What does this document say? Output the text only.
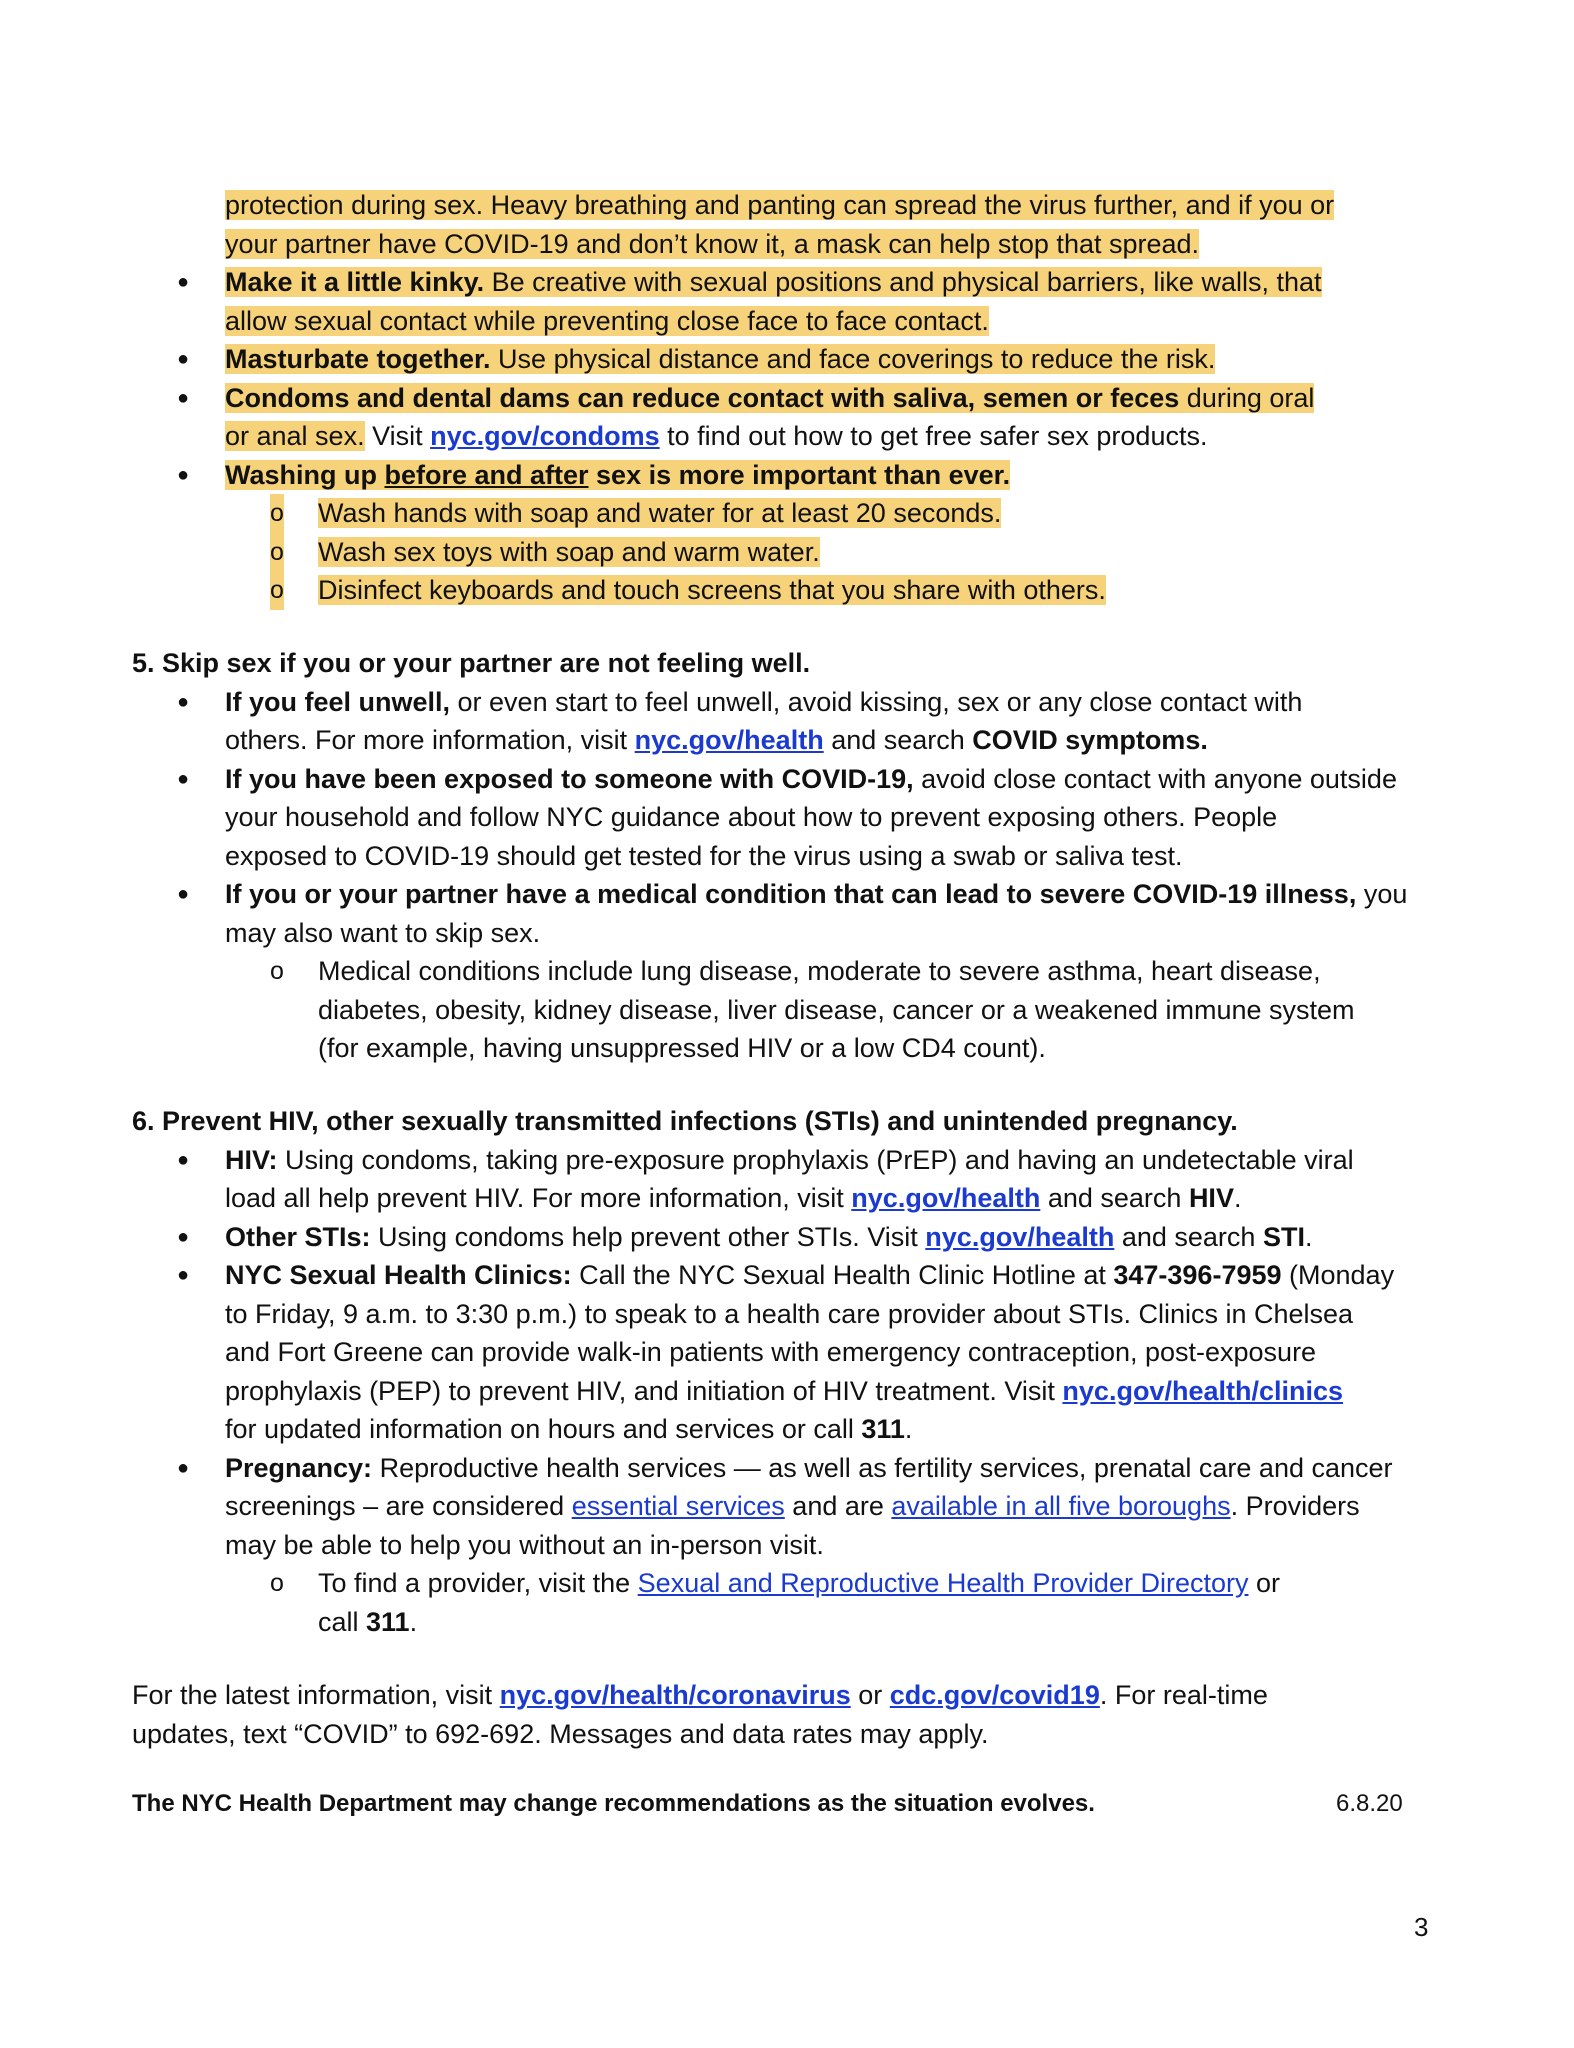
protection during sex. Heavy breathing and panting can spread the virus further, and if you or
your partner have COVID-19 and don’t know it, a mask can help stop that spread.
● Make it a little kinky. Be creative with sexual positions and physical barriers, like walls, that
allow sexual contact while preventing close face to face contact.
● Masturbate together. Use physical distance and face coverings to reduce the risk.
● Condoms and dental dams can reduce contact with saliva, semen or feces during oral
or anal sex. Visit nyc.gov/condoms to find out how to get free safer sex products.
● Washing up before and after sex is more important than ever.
o Wash hands with soap and water for at least 20 seconds.
o Wash sex toys with soap and warm water.
o Disinfect keyboards and touch screens that you share with others.
5. Skip sex if you or your partner are not feeling well.
● If you feel unwell, or even start to feel unwell, avoid kissing, sex or any close contact with
others. For more information, visit nyc.gov/health and search COVID symptoms.
● If you have been exposed to someone with COVID-19, avoid close contact with anyone outside
your household and follow NYC guidance about how to prevent exposing others. People
exposed to COVID-19 should get tested for the virus using a swab or saliva test.
● If you or your partner have a medical condition that can lead to severe COVID-19 illness, you
may also want to skip sex.
o Medical conditions include lung disease, moderate to severe asthma, heart disease,
diabetes, obesity, kidney disease, liver disease, cancer or a weakened immune system
(for example, having unsuppressed HIV or a low CD4 count).
6. Prevent HIV, other sexually transmitted infections (STIs) and unintended pregnancy.
● HIV: Using condoms, taking pre-exposure prophylaxis (PrEP) and having an undetectable viral
load all help prevent HIV. For more information, visit nyc.gov/health and search HIV.
● Other STIs: Using condoms help prevent other STIs. Visit nyc.gov/health and search STI.
● NYC Sexual Health Clinics: Call the NYC Sexual Health Clinic Hotline at 347-396-7959 (Monday
to Friday, 9 a.m. to 3:30 p.m.) to speak to a health care provider about STIs. Clinics in Chelsea
and Fort Greene can provide walk-in patients with emergency contraception, post-exposure
prophylaxis (PEP) to prevent HIV, and initiation of HIV treatment. Visit nyc.gov/health/clinics
for updated information on hours and services or call 311.
● Pregnancy: Reproductive health services — as well as fertility services, prenatal care and cancer
screenings – are considered essential services and are available in all five boroughs. Providers
may be able to help you without an in-person visit.
o To find a provider, visit the Sexual and Reproductive Health Provider Directory or
call 311.
For the latest information, visit nyc.gov/health/coronavirus or cdc.gov/covid19. For real-time
updates, text “COVID” to 692-692. Messages and data rates may apply.
The NYC Health Department may change recommendations as the situation evolves.	6.8.20
3
